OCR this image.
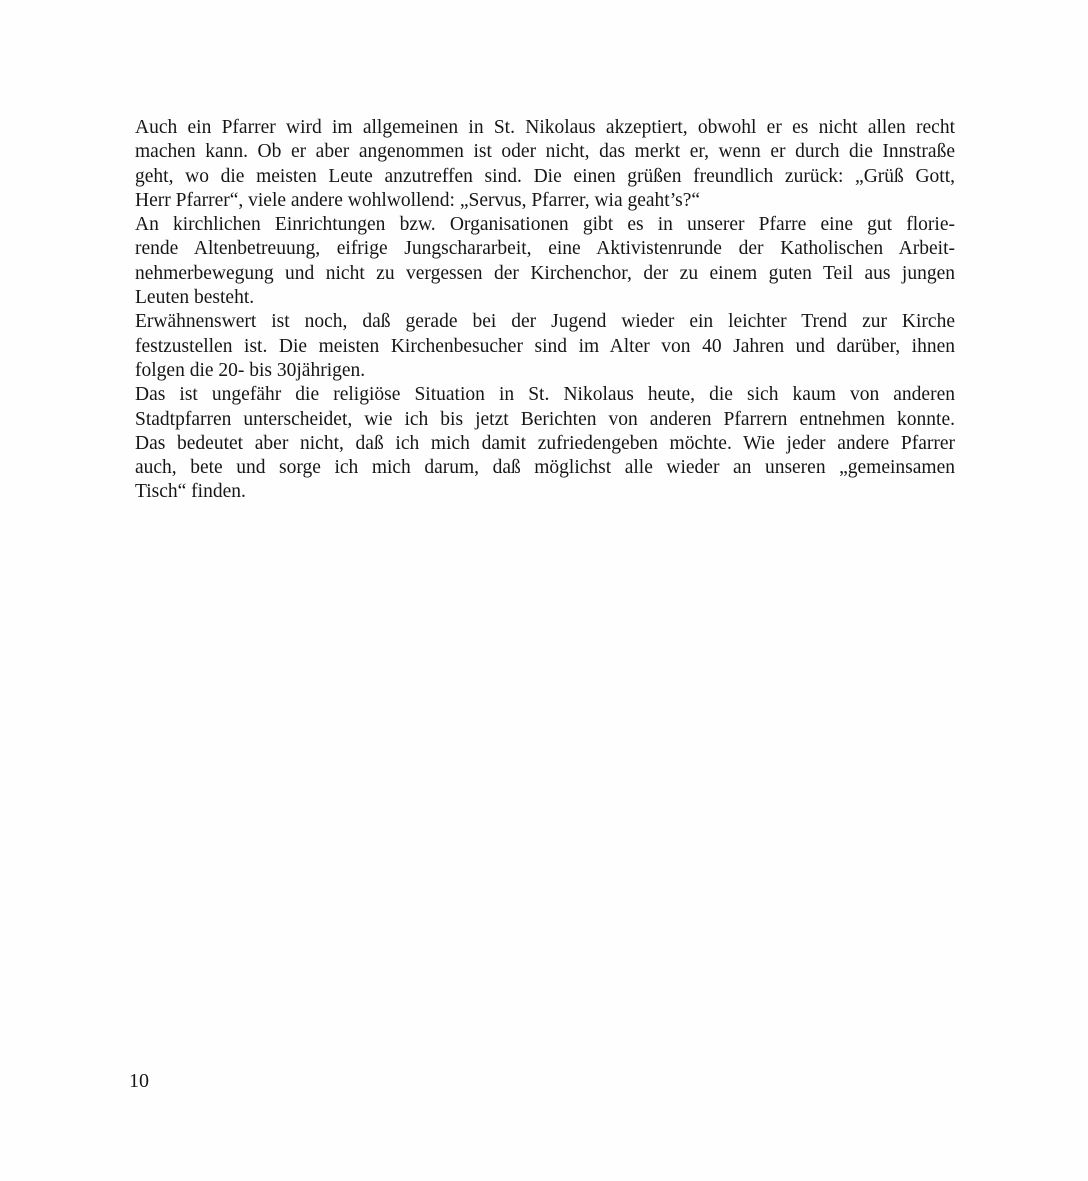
Auch ein Pfarrer wird im allgemeinen in St. Nikolaus akzeptiert, obwohl er es nicht allen recht
machen kann. Ob er aber angenommen ist oder nicht, das merkt er, wenn er durch die Innstraße
geht, wo die meisten Leute anzutreffen sind. Die einen grüßen freundlich zurück: „Grüß Gott,
Herr Pfarrer“, viele andere wohlwollend: „Servus, Pfarrer, wia geaht’s?“
An kirchlichen Einrichtungen bzw. Organisationen gibt es in unserer Pfarre eine gut florie-
rende Altenbetreuung, eifrige Jungschararbeit, eine Aktivistenrunde der Katholischen Arbeit-
nehmerbewegung und nicht zu vergessen der Kirchenchor, der zu einem guten Teil aus jungen
Leuten besteht.
Erwähnenswert ist noch, daß gerade bei der Jugend wieder ein leichter Trend zur Kirche
festzustellen ist. Die meisten Kirchenbesucher sind im Alter von 40 Jahren und darüber, ihnen
folgen die 20- bis 30jährigen.
Das ist ungefähr die religiöse Situation in St. Nikolaus heute, die sich kaum von anderen
Stadtpfarren unterscheidet, wie ich bis jetzt Berichten von anderen Pfarrern entnehmen konnte.
Das bedeutet aber nicht, daß ich mich damit zufriedengeben möchte. Wie jeder andere Pfarrer
auch, bete und sorge ich mich darum, daß möglichst alle wieder an unseren „gemeinsamen
Tisch“ finden.
10
